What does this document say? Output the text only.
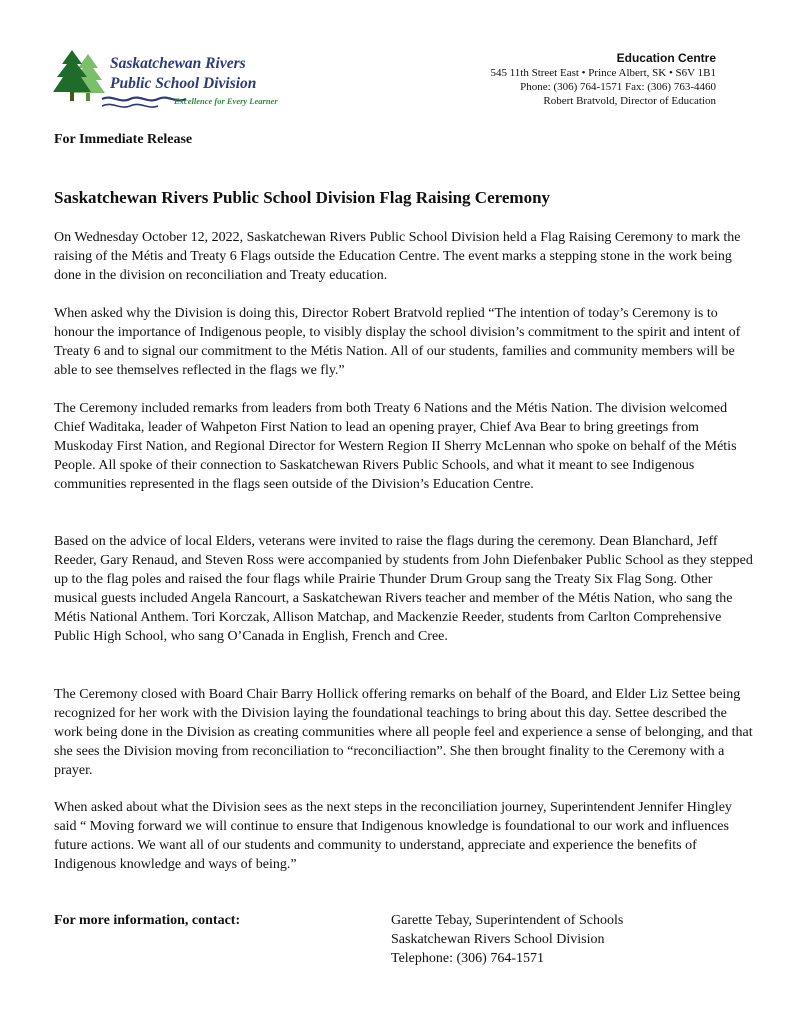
Saskatchewan Rivers
Public School Division
Excellence for Every Learner
Education Centre
545 11th Street East • Prince Albert, SK • S6V 1B1
Phone: (306) 764-1571 Fax: (306) 763-4460
Robert Bratvold, Director of Education
For Immediate Release
Saskatchewan Rivers Public School Division Flag Raising Ceremony

On Wednesday October 12, 2022, Saskatchewan Rivers Public School Division held a Flag Raising Ceremony to mark the raising of the Métis and Treaty 6 Flags outside the Education Centre. The event marks a stepping stone in the work being done in the division on reconciliation and Treaty education.

When asked why the Division is doing this, Director Robert Bratvold replied “The intention of today’s Ceremony is to honour the importance of Indigenous people, to visibly display the school division’s commitment to the spirit and intent of Treaty 6 and to signal our commitment to the Métis Nation. All of our students, families and community members will be able to see themselves reflected in the flags we fly.”

The Ceremony included remarks from leaders from both Treaty 6 Nations and the Métis Nation. The division welcomed Chief Waditaka, leader of Wahpeton First Nation to lead an opening prayer, Chief Ava Bear to bring greetings from Muskoday First Nation, and Regional Director for Western Region II Sherry McLennan who spoke on behalf of the Métis People. All spoke of their connection to Saskatchewan Rivers Public Schools, and what it meant to see Indigenous communities represented in the flags seen outside of the Division’s Education Centre.

Based on the advice of local Elders, veterans were invited to raise the flags during the ceremony. Dean Blanchard, Jeff Reeder, Gary Renaud, and Steven Ross were accompanied by students from John Diefenbaker Public School as they stepped up to the flag poles and raised the four flags while Prairie Thunder Drum Group sang the Treaty Six Flag Song. Other musical guests included Angela Rancourt, a Saskatchewan Rivers teacher and member of the Métis Nation, who sang the Métis National Anthem. Tori Korczak, Allison Matchap, and Mackenzie Reeder, students from Carlton Comprehensive Public High School, who sang O’Canada in English, French and Cree.

The Ceremony closed with Board Chair Barry Hollick offering remarks on behalf of the Board, and Elder Liz Settee being recognized for her work with the Division laying the foundational teachings to bring about this day. Settee described the work being done in the Division as creating communities where all people feel and experience a sense of belonging, and that she sees the Division moving from reconciliation to “reconciliaction”. She then brought finality to the Ceremony with a prayer.

When asked about what the Division sees as the next steps in the reconciliation journey, Superintendent Jennifer Hingley said “ Moving forward we will continue to ensure that Indigenous knowledge is foundational to our work and influences future actions. We want all of our students and community to understand, appreciate and experience the benefits of Indigenous knowledge and ways of being.”

For more information, contact:	Garette Tebay, Superintendent of Schools
Saskatchewan Rivers School Division
Telephone: (306) 764-1571
